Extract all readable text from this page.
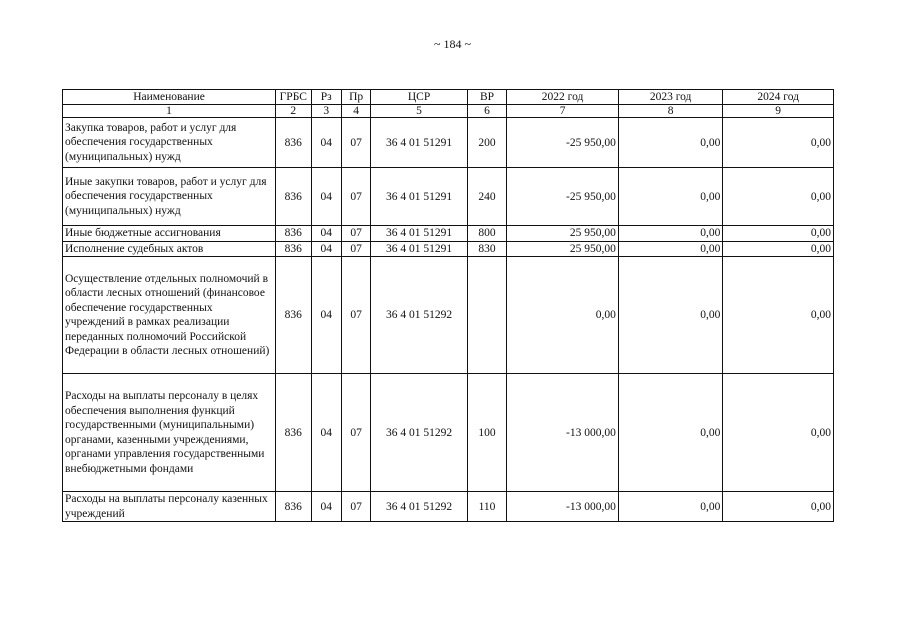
~ 184 ~
Наименование	ГРБС	Рз	Пр	ЦСР	ВР	2022 год	2023 год	2024 год
1	2	3	4	5	6	7	8	9
Закупка товаров, работ и услуг для обеспечения государственных (муниципальных) нужд	836	04	07	36 4 01 51291	200	-25 950,00	0,00	0,00
Иные закупки товаров, работ и услуг для обеспечения государственных (муниципальных) нужд	836	04	07	36 4 01 51291	240	-25 950,00	0,00	0,00
Иные бюджетные ассигнования	836	04	07	36 4 01 51291	800	25 950,00	0,00	0,00
Исполнение судебных актов	836	04	07	36 4 01 51291	830	25 950,00	0,00	0,00
Осуществление отдельных полномочий в области лесных отношений (финансовое обеспечение государственных учреждений в рамках реализации переданных полномочий Российской Федерации в области лесных отношений)	836	04	07	36 4 01 51292		0,00	0,00	0,00
Расходы на выплаты персоналу в целях обеспечения выполнения функций государственными (муниципальными) органами, казенными учреждениями, органами управления государственными внебюджетными фондами	836	04	07	36 4 01 51292	100	-13 000,00	0,00	0,00
Расходы на выплаты персоналу казенных учреждений	836	04	07	36 4 01 51292	110	-13 000,00	0,00	0,00
